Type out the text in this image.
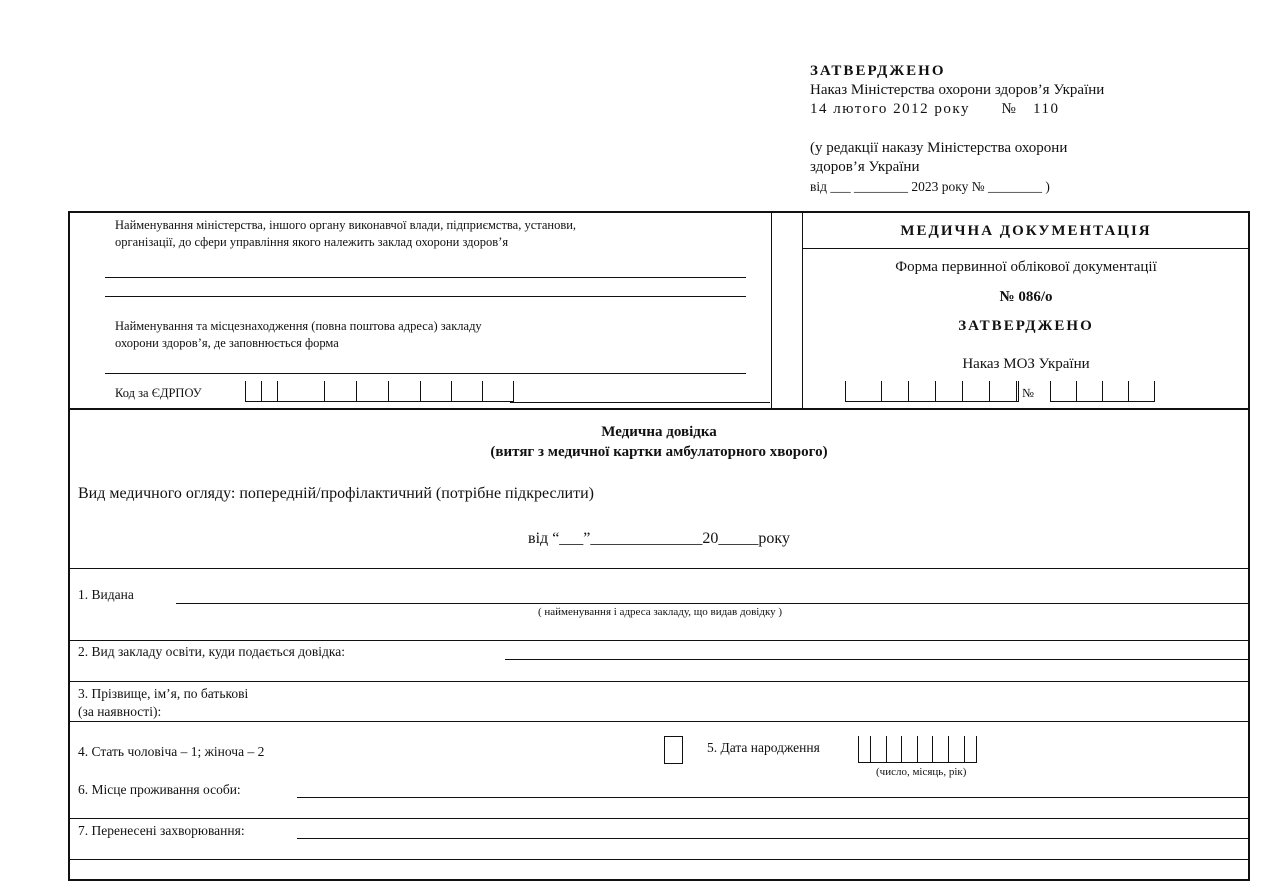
ЗАТВЕРДЖЕНО
Наказ Міністерства охорони здоров’я України
14 лютого 2012 року      №   110
(у редакції наказу Міністерства охорони
здоров’я України
від ___ ________ 2023 року № ________ )
Найменування міністерства, іншого органу виконавчої влади, підприємства, установи,
організації, до сфери управління якого належить заклад охорони здоров’я
Найменування та місцезнаходження (повна поштова адреса) закладу
охорони здоров’я, де заповнюється форма
Код за ЄДРПОУ
МЕДИЧНА ДОКУМЕНТАЦІЯ
Форма первинної облікової документації
№ 086/о
ЗАТВЕРДЖЕНО
Наказ МОЗ України
№
Медична довідка
(витяг з медичної картки амбулаторного хворого)
Вид медичного огляду: попередній/профілактичний (потрібне підкреслити)
від “___”______________20_____року
1. Видана
( найменування і адреса закладу, що видав довідку )
2. Вид закладу освіти, куди подається довідка:
3. Прізвище, ім’я, по батькові
(за наявності):
4. Стать чоловіча – 1; жіноча – 2	5. Дата народження
(число, місяць, рік)
6. Місце проживання особи:
7. Перенесені захворювання:
